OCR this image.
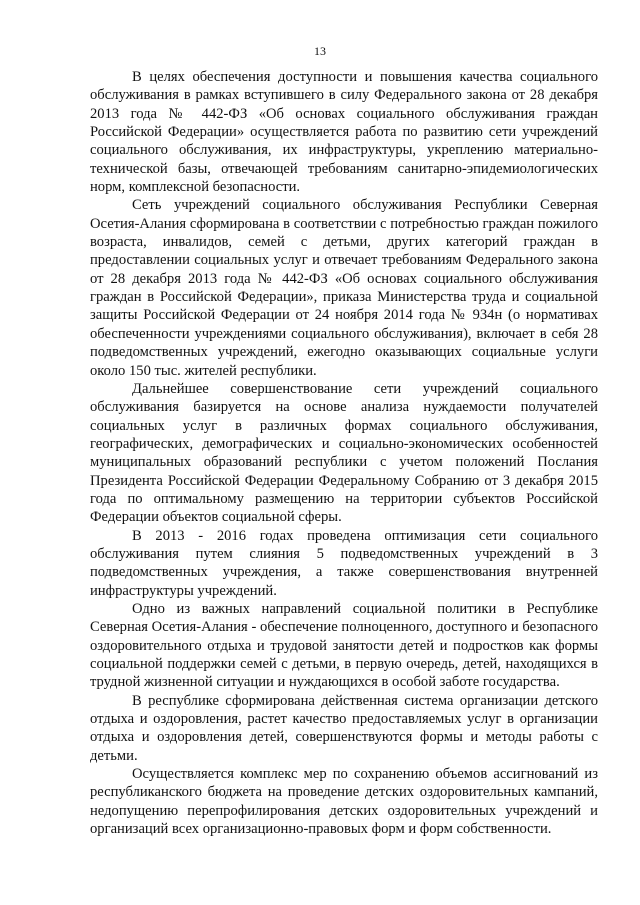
13

В целях обеспечения доступности и повышения качества социального обслуживания в рамках вступившего в силу Федерального закона от 28 декабря 2013 года № 442-ФЗ «Об основах социального обслуживания граждан Российской Федерации» осуществляется работа по развитию сети учреждений социального обслуживания, их инфраструктуры, укреплению материально-технической базы, отвечающей требованиям санитарно-эпидемиологических норм, комплексной безопасности.

Сеть учреждений социального обслуживания Республики Северная Осетия-Алания сформирована в соответствии с потребностью граждан пожилого возраста, инвалидов, семей с детьми, других категорий граждан в предоставлении социальных услуг и отвечает требованиям Федерального закона от 28 декабря 2013 года № 442-ФЗ «Об основах социального обслуживания граждан в Российской Федерации», приказа Министерства труда и социальной защиты Российской Федерации от 24 ноября 2014 года № 934н (о нормативах обеспеченности учреждениями социального обслуживания), включает в себя 28 подведомственных учреждений, ежегодно оказывающих социальные услуги около 150 тыс. жителей республики.

Дальнейшее совершенствование сети учреждений социального обслуживания базируется на основе анализа нуждаемости получателей социальных услуг в различных формах социального обслуживания, географических, демографических и социально-экономических особенностей муниципальных образований республики с учетом положений Послания Президента Российской Федерации Федеральному Собранию от 3 декабря 2015 года по оптимальному размещению на территории субъектов Российской Федерации объектов социальной сферы.

В 2013 - 2016 годах проведена оптимизация сети социального обслуживания путем слияния 5 подведомственных учреждений в 3 подведомственных учреждения, а также совершенствования внутренней инфраструктуры учреждений.

Одно из важных направлений социальной политики в Республике Северная Осетия-Алания - обеспечение полноценного, доступного и безопасного оздоровительного отдыха и трудовой занятости детей и подростков как формы социальной поддержки семей с детьми, в первую очередь, детей, находящихся в трудной жизненной ситуации и нуждающихся в особой заботе государства.

В республике сформирована действенная система организации детского отдыха и оздоровления, растет качество предоставляемых услуг в организации отдыха и оздоровления детей, совершенствуются формы и методы работы с детьми.

Осуществляется комплекс мер по сохранению объемов ассигнований из республиканского бюджета на проведение детских оздоровительных кампаний, недопущению перепрофилирования детских оздоровительных учреждений и организаций всех организационно-правовых форм и форм собственности.
